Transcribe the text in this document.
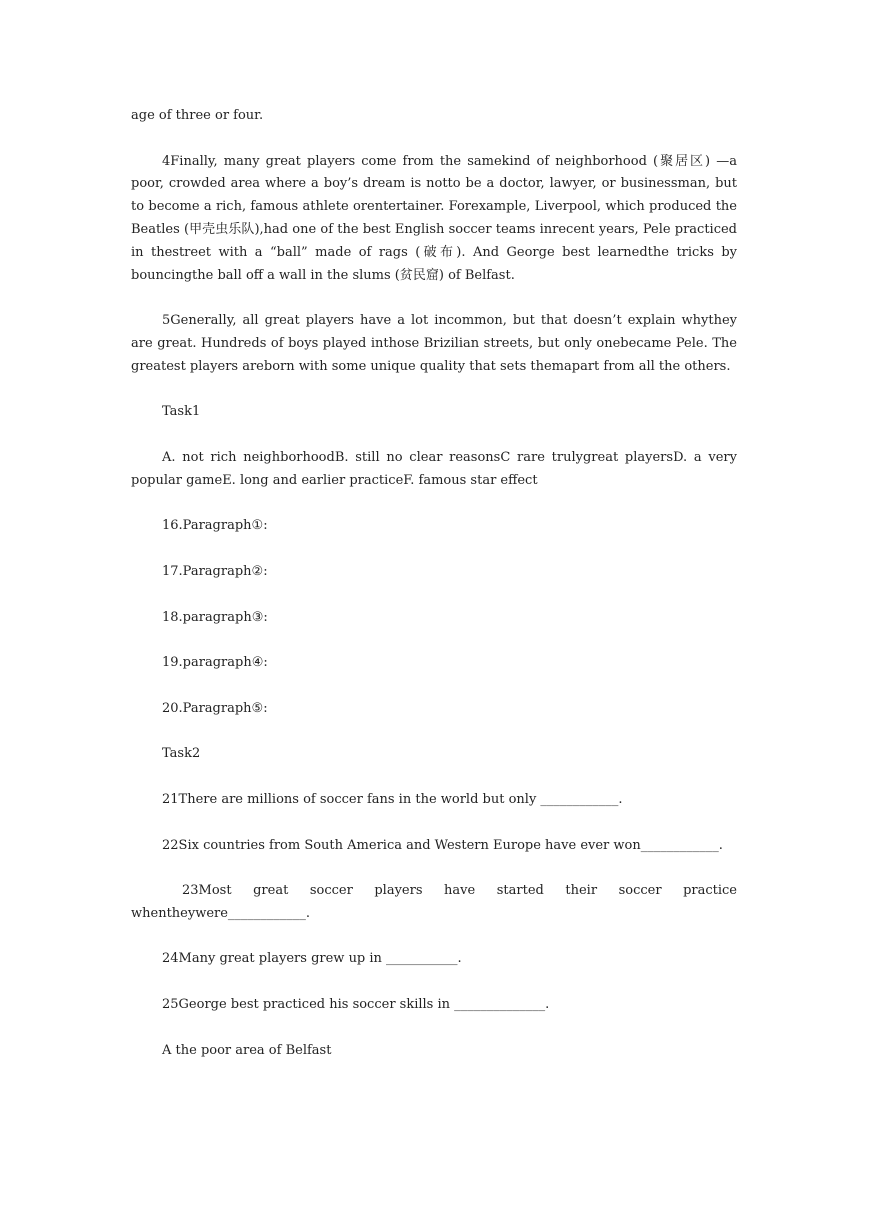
age of three or four.

4Finally, many great players come from the samekind of neighborhood (聚居区) —a poor, crowded area where a boy’s dream is notto be a doctor, lawyer, or businessman, but to become a rich, famous athlete orentertainer. Forexample, Liverpool, which produced the Beatles (甲壳虫乐队),had one of the best English soccer teams inrecent years, Pele practiced in thestreet with a “ball” made of rags (破布). And George best learnedthe tricks by bouncingthe ball off a wall in the slums (贫民窟) of Belfast.

5Generally, all great players have a lot incommon, but that doesn’t explain whythey are great. Hundreds of boys played inthose Brizilian streets, but only onebecame Pele. The greatest players areborn with some unique quality that sets themapart from all the others.

Task1

A. not rich neighborhoodB. still no clear reasonsC rare trulygreat playersD. a very popular gameE. long and earlier practiceF. famous star effect

16.Paragraph①:

17.Paragraph②:

18.paragraph③:

19.paragraph④:

20.Paragraph⑤:

Task2

21There are millions of soccer fans in the world but only ____________.

22Six countries from South America and Western Europe have ever won____________.

23Most great soccer players have started their soccer practice whentheywere____________.

24Many great players grew up in ___________.

25George best practiced his soccer skills in ______________.

A the poor area of Belfast
